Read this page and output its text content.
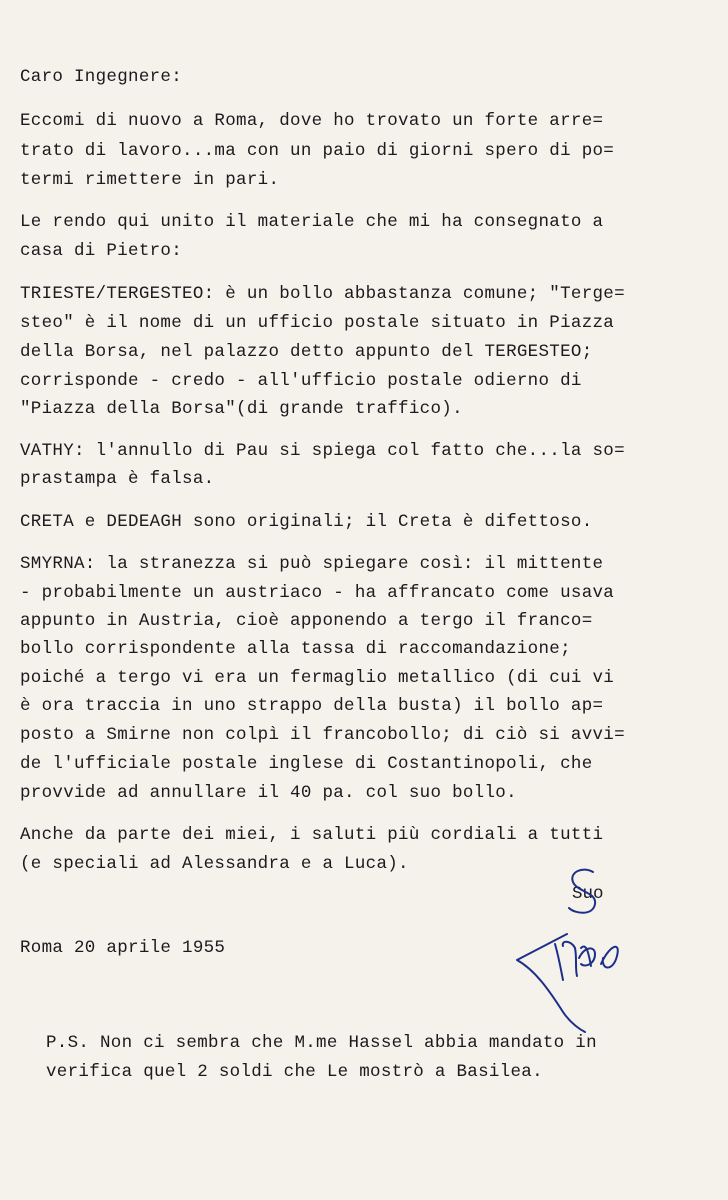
Caro Ingegnere:
Eccomi di nuovo a Roma, dove ho trovato un forte arre=
trato di lavoro...ma con un paio di giorni spero di po=
termi rimettere in pari.
Le rendo qui unito il materiale che mi ha consegnato a
casa di Pietro:
TRIESTE/TERGESTEO: è un bollo abbastanza comune; "Terge=
steo" è il nome di un ufficio postale situato in Piazza
della Borsa, nel palazzo detto appunto del TERGESTEO;
corrisponde - credo - all'ufficio postale odierno di
"Piazza della Borsa"(di grande traffico).
VATHY: l'annullo di Pau si spiega col fatto che...la so=
prastampa è falsa.
CRETA e DEDEAGH sono originali; il Creta è difettoso.
SMYRNA: la stranezza si può spiegare così: il mittente
- probabilmente un austriaco - ha affrancato come usava
appunto in Austria, cioè apponendo a tergo il franco=
bollo corrispondente alla tassa di raccomandazione;
poiché a tergo vi era un fermaglio metallico (di cui vi
è ora traccia in uno strappo della busta) il bollo ap=
posto a Smirne non colpì il francobollo; di ciò si avvi=
de l'ufficiale postale inglese di Costantinopoli, che
provvide ad annullare il 40 pa. col suo bollo.
Anche da parte dei miei, i saluti più cordiali a tutti
(e speciali ad Alessandra e a Luca).
Suo
Roma 20 aprile 1955
P.S. Non ci sembra che M.me Hassel abbia mandato in
verifica quel 2 soldi che Le mostrò a Basilea.
